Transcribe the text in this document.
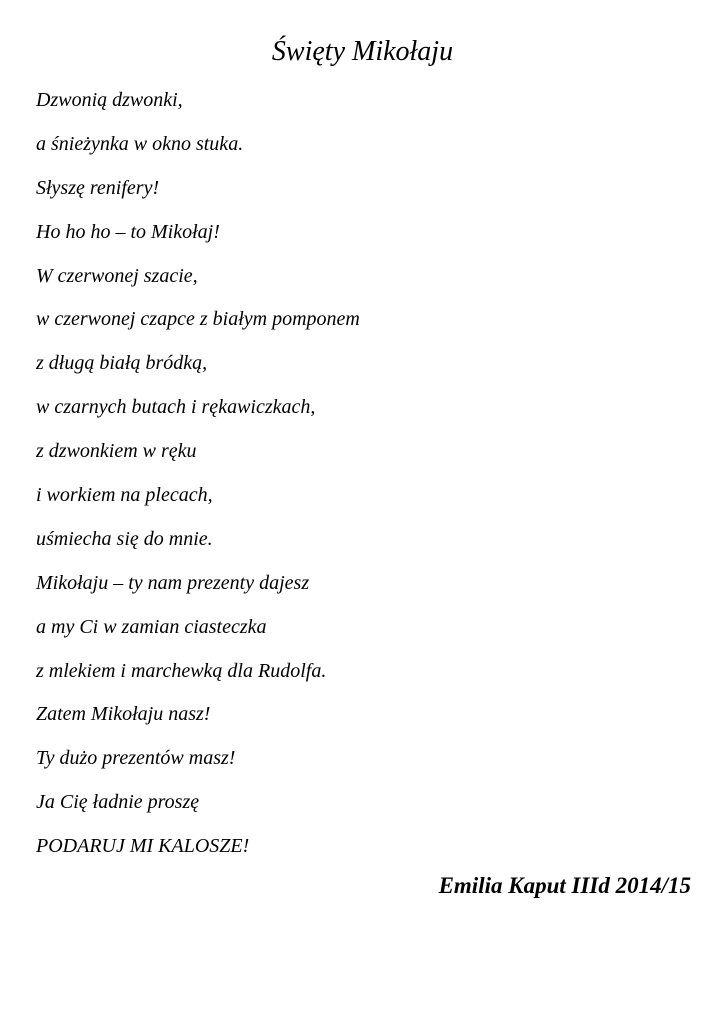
Święty Mikołaju
Dzwonią dzwonki,
a śnieżynka w okno stuka.
Słyszę renifery!
Ho ho ho – to Mikołaj!
W czerwonej szacie,
w czerwonej czapce z białym pomponem
z długą białą bródką,
w czarnych butach i rękawiczkach,
z dzwonkiem w ręku
i workiem na plecach,
uśmiecha się do mnie.
Mikołaju – ty nam prezenty dajesz
a my Ci w zamian ciasteczka
z mlekiem i marchewką dla Rudolfa.
Zatem Mikołaju nasz!
Ty dużo prezentów masz!
Ja Cię ładnie proszę
PODARUJ MI KALOSZE!
Emilia Kaput IIId 2014/15
